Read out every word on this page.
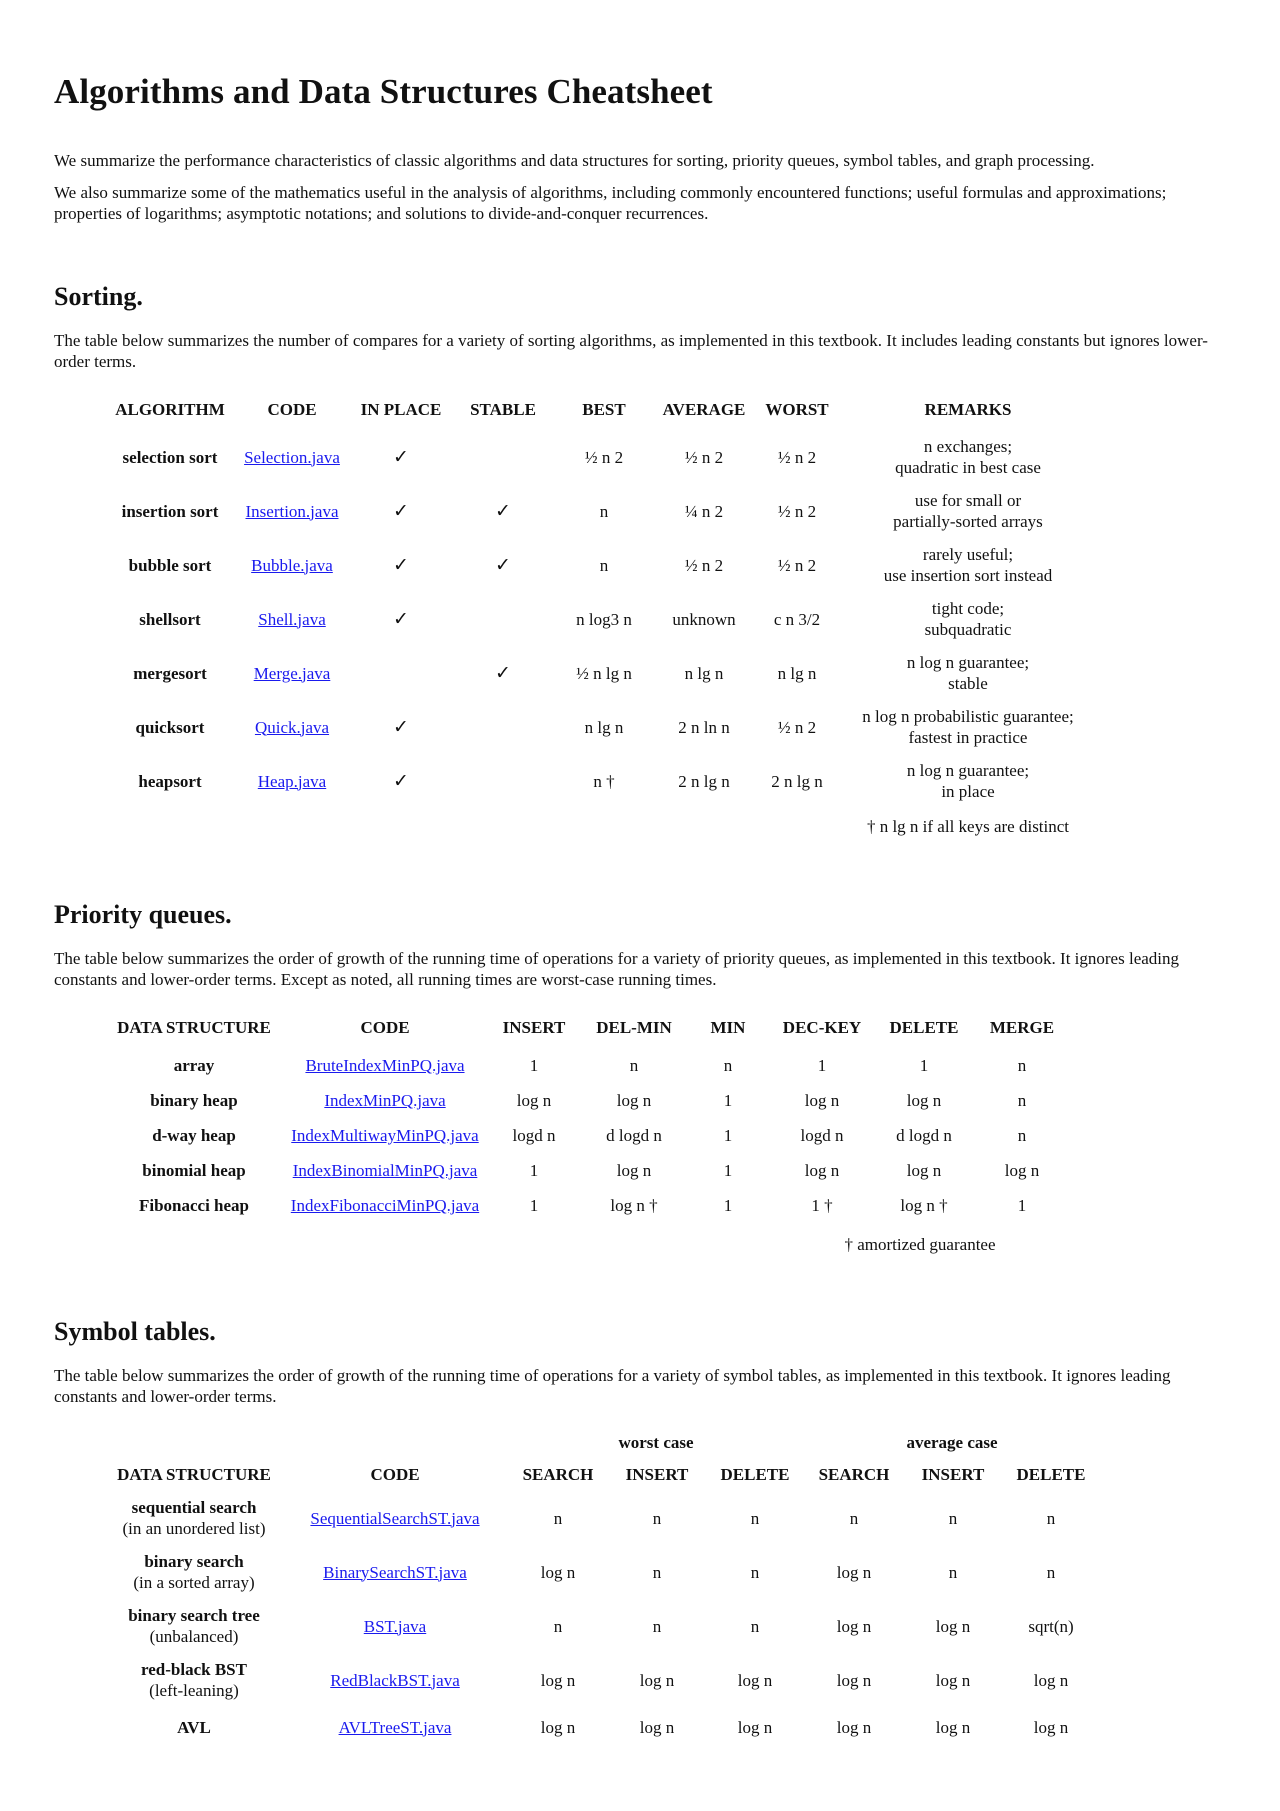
Algorithms and Data Structures Cheatsheet

We summarize the performance characteristics of classic algorithms and data structures for sorting, priority queues, symbol tables, and graph processing.

We also summarize some of the mathematics useful in the analysis of algorithms, including commonly encountered functions; useful formulas and approximations; properties of logarithms; asymptotic notations; and solutions to divide-and-conquer recurrences.

Sorting.

The table below summarizes the number of compares for a variety of sorting algorithms, as implemented in this textbook. It includes leading constants but ignores lower-order terms.

ALGORITHM	CODE	IN PLACE	STABLE	BEST	AVERAGE	WORST	REMARKS
selection sort	Selection.java	✓		½ n 2	½ n 2	½ n 2	n exchanges;
quadratic in best case

insertion sort	Insertion.java	✓	✓	n	¼ n 2	½ n 2	use for small or
partially-sorted arrays

bubble sort	Bubble.java	✓	✓	n	½ n 2	½ n 2	rarely useful;
use insertion sort instead

shellsort	Shell.java	✓		n log3 n	unknown	c n 3/2	tight code;
subquadratic

mergesort	Merge.java		✓	½ n lg n	n lg n	n lg n	n log n guarantee;
stable

quicksort	Quick.java	✓		n lg n	2 n ln n	½ n 2	n log n probabilistic guarantee;
fastest in practice

heapsort	Heap.java	✓		n †	2 n lg n	2 n lg n	n log n guarantee;
in place

							† n lg n if all keys are distinct
Priority queues.

The table below summarizes the order of growth of the running time of operations for a variety of priority queues, as implemented in this textbook. It ignores leading constants and lower-order terms. Except as noted, all running times are worst-case running times.

DATA STRUCTURE	CODE	INSERT	DEL-MIN	MIN	DEC-KEY	DELETE	MERGE
array	BruteIndexMinPQ.java	1	n	n	1	1	n
binary heap	IndexMinPQ.java	log n	log n	1	log n	log n	n
d-way heap	IndexMultiwayMinPQ.java	logd n	d logd n	1	logd n	d logd n	n
binomial heap	IndexBinomialMinPQ.java	1	log n	1	log n	log n	log n
Fibonacci heap	IndexFibonacciMinPQ.java	1	log n †	1	1 †	log n †	1
					† amortized guarantee		
Symbol tables.

The table below summarizes the order of growth of the running time of operations for a variety of symbol tables, as implemented in this textbook. It ignores leading constants and lower-order terms.

		worst case			average case		
DATA STRUCTURE	CODE	SEARCH	INSERT	DELETE	SEARCH	INSERT	DELETE

sequential search
(in an unordered list)	SequentialSearchST.java	n	n	n	n	n	n

binary search
(in a sorted array)	BinarySearchST.java	log n	n	n	log n	n	n

binary search tree
(unbalanced)	BST.java	n	n	n	log n	log n	sqrt(n)

red-black BST
(left-leaning)	RedBlackBST.java	log n	log n	log n	log n	log n	log n

AVL	AVLTreeST.java	log n	log n	log n	log n	log n	log n
